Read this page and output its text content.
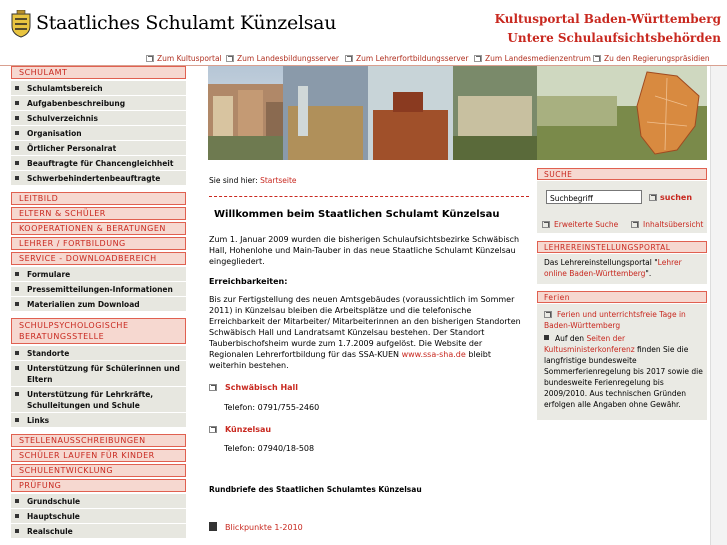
Staatliches Schulamt Künzelsau	Kultusportal Baden-Württemberg
Untere Schulaufsichtsbehörden
Zum Kultusportal	Zum Landesbildungsserver	Zum Lehrerfortbildungsserver	Zum Landesmedienzentrum	Zu den Regierungspräsidien
SCHULAMT
Schulamtsbereich
Aufgabenbeschreibung
Schulverzeichnis
Organisation
Örtlicher Personalrat
Beauftragte für Chancengleichheit
Schwerbehindertenbeauftragte
LEITBILD
ELTERN & SCHÜLER
KOOPERATIONEN & BERATUNGEN
LEHRER / FORTBILDUNG
SERVICE - DOWNLOADBEREICH
Formulare
Pressemitteilungen-Informationen
Materialien zum Download
SCHULPSYCHOLOGISCHE BERATUNGSSTELLE
Standorte
Unterstützung für Schülerinnen und Eltern
Unterstützung für Lehrkräfte, Schulleitungen und Schule
Links
STELLENAUSSCHREIBUNGEN
SCHÜLER LAUFEN FÜR KINDER
SCHULENTWICKLUNG
PRÜFUNG
Grundschule
Hauptschule
Realschule
Sie sind hier: Startseite
Willkommen beim Staatlichen Schulamt Künzelsau
Zum 1. Januar 2009 wurden die bisherigen Schulaufsichtsbezirke Schwäbisch Hall, Hohenlohe und Main-Tauber in das neue Staatliche Schulamt Künzelsau eingegliedert.
Erreichbarkeiten:
Bis zur Fertigstellung des neuen Amtsgebäudes (voraussichtlich im Sommer 2011) in Künzelsau bleiben die Arbeitsplätze und die telefonische Erreichbarkeit der Mitarbeiter/ Mitarbeiterinnen an den bisherigen Standorten Schwäbisch Hall und Landratsamt Künzelsau bestehen. Der Standort Tauberbischofsheim wurde zum 1.7.2009 aufgelöst. Die Website der Regionalen Lehrerfortbildung für das SSA-KUEN www.ssa-sha.de bleibt weiterhin bestehen.
Schwäbisch Hall
Telefon: 0791/755-2460
Künzelsau
Telefon: 07940/18-508
Rundbriefe des Staatlichen Schulamtes Künzelsau
Blickpunkte 1-2010
SUCHE
Suchbegriff
suchen
Erweiterte Suche	Inhaltsübersicht
LEHREREINSTELLUNGSPORTAL
Das Lehrereinstellungsportal "Lehrer online Baden-Württemberg".
Ferien
Ferien und unterrichtsfreie Tage in Baden-Württemberg
Auf den Seiten der Kultusministerkonferenz finden Sie die langfristige bundesweite Sommerferienregelung bis 2017 sowie die bundesweite Ferienregelung bis 2009/2010. Aus technischen Gründen erfolgen alle Angaben ohne Gewähr.
